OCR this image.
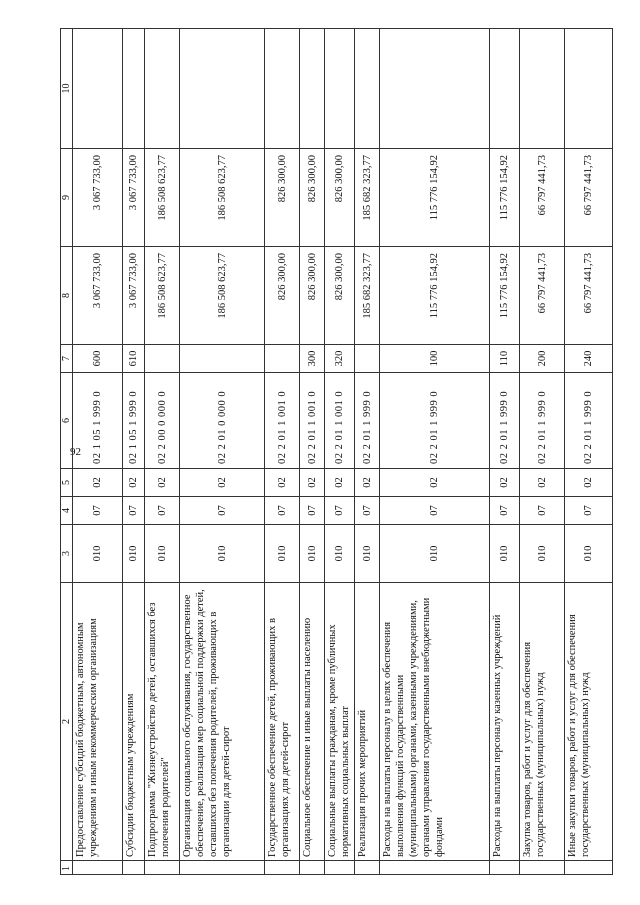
92
1	2	3	4	5	6	7	8	9	10
	Предоставление субсидий бюджетным, автономным учреждениям и иным некоммерческим организациям	010	07	02	02 1 05 1 999 0	600	3 067 733,00	3 067 733,00	
	Субсидии бюджетным учреждениям	010	07	02	02 1 05 1 999 0	610	3 067 733,00	3 067 733,00	
	Подпрограмма "Жизнеустройство детей, оставшихся без попечения родителей"	010	07	02	02 2 00 0 000 0		186 508 623,77	186 508 623,77	
	Организация социального обслуживания, государственное обеспечение, реализация мер социальной поддержки детей, оставшихся без попечения родителей, проживающих в организации для детей-сирот	010	07	02	02 2 01 0 000 0		186 508 623,77	186 508 623,77	
	Государственное обеспечение детей, проживающих в организациях для детей-сирот	010	07	02	02 2 01 1 001 0		826 300,00	826 300,00	
	Социальное обеспечение и иные выплаты населению	010	07	02	02 2 01 1 001 0	300	826 300,00	826 300,00	
	Социальные выплаты гражданам, кроме публичных нормативных социальных выплат	010	07	02	02 2 01 1 001 0	320	826 300,00	826 300,00	
	Реализация прочих мероприятий	010	07	02	02 2 01 1 999 0		185 682 323,77	185 682 323,77	
	Расходы на выплаты персоналу в целях обеспечения выполнения функций государственными (муниципальными) органами, казенными учреждениями, органами управления государственными внебюджетными фондами	010	07	02	02 2 01 1 999 0	100	115 776 154,92	115 776 154,92	
	Расходы на выплаты персоналу казенных учреждений	010	07	02	02 2 01 1 999 0	110	115 776 154,92	115 776 154,92	
	Закупка товаров, работ и услуг для обеспечения государственных (муниципальных) нужд	010	07	02	02 2 01 1 999 0	200	66 797 441,73	66 797 441,73	
	Иные закупки товаров, работ и услуг для обеспечения государственных (муниципальных) нужд	010	07	02	02 2 01 1 999 0	240	66 797 441,73	66 797 441,73	
